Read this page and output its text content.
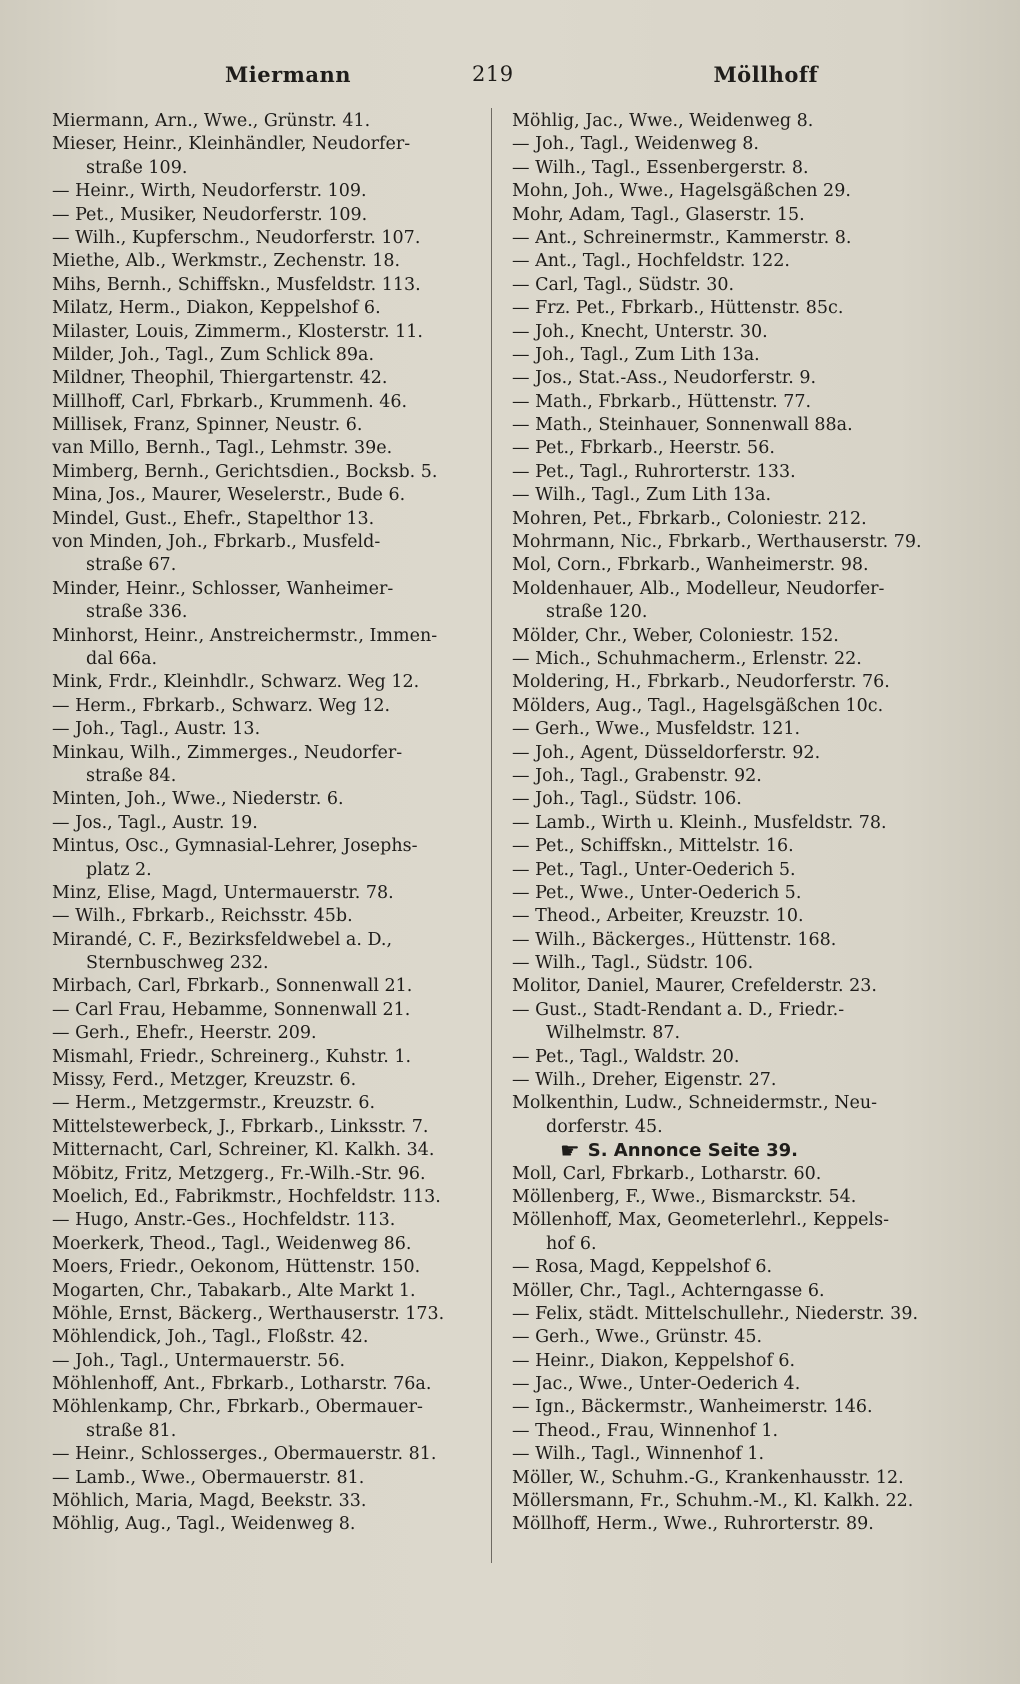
Miermann	219	Möllhoff
Miermann, Arn., Wwe., Grünstr. 41.
Mieser, Heinr., Kleinhändler, Neudorfer-
straße 109.
— Heinr., Wirth, Neudorferstr. 109.
— Pet., Musiker, Neudorferstr. 109.
— Wilh., Kupferschm., Neudorferstr. 107.
Miethe, Alb., Werkmstr., Zechenstr. 18.
Mihs, Bernh., Schiffskn., Musfeldstr. 113.
Milatz, Herm., Diakon, Keppelshof 6.
Milaster, Louis, Zimmerm., Klosterstr. 11.
Milder, Joh., Tagl., Zum Schlick 89a.
Mildner, Theophil, Thiergartenstr. 42.
Millhoff, Carl, Fbrkarb., Krummenh. 46.
Millisek, Franz, Spinner, Neustr. 6.
van Millo, Bernh., Tagl., Lehmstr. 39e.
Mimberg, Bernh., Gerichtsdien., Bocksb. 5.
Mina, Jos., Maurer, Weselerstr., Bude 6.
Mindel, Gust., Ehefr., Stapelthor 13.
von Minden, Joh., Fbrkarb., Musfeld-
straße 67.
Minder, Heinr., Schlosser, Wanheimer-
straße 336.
Minhorst, Heinr., Anstreichermstr., Immen-
dal 66a.
Mink, Frdr., Kleinhdlr., Schwarz. Weg 12.
— Herm., Fbrkarb., Schwarz. Weg 12.
— Joh., Tagl., Austr. 13.
Minkau, Wilh., Zimmerges., Neudorfer-
straße 84.
Minten, Joh., Wwe., Niederstr. 6.
— Jos., Tagl., Austr. 19.
Mintus, Osc., Gymnasial-Lehrer, Josephs-
platz 2.
Minz, Elise, Magd, Untermauerstr. 78.
— Wilh., Fbrkarb., Reichsstr. 45b.
Mirandé, C. F., Bezirksfeldwebel a. D.,
Sternbuschweg 232.
Mirbach, Carl, Fbrkarb., Sonnenwall 21.
— Carl Frau, Hebamme, Sonnenwall 21.
— Gerh., Ehefr., Heerstr. 209.
Mismahl, Friedr., Schreinerg., Kuhstr. 1.
Missy, Ferd., Metzger, Kreuzstr. 6.
— Herm., Metzgermstr., Kreuzstr. 6.
Mittelstewerbeck, J., Fbrkarb., Linksstr. 7.
Mitternacht, Carl, Schreiner, Kl. Kalkh. 34.
Möbitz, Fritz, Metzgerg., Fr.-Wilh.-Str. 96.
Moelich, Ed., Fabrikmstr., Hochfeldstr. 113.
— Hugo, Anstr.-Ges., Hochfeldstr. 113.
Moerkerk, Theod., Tagl., Weidenweg 86.
Moers, Friedr., Oekonom, Hüttenstr. 150.
Mogarten, Chr., Tabakarb., Alte Markt 1.
Möhle, Ernst, Bäckerg., Werthauserstr. 173.
Möhlendick, Joh., Tagl., Floßstr. 42.
— Joh., Tagl., Untermauerstr. 56.
Möhlenhoff, Ant., Fbrkarb., Lotharstr. 76a.
Möhlenkamp, Chr., Fbrkarb., Obermauer-
straße 81.
— Heinr., Schlosserges., Obermauerstr. 81.
— Lamb., Wwe., Obermauerstr. 81.
Möhlich, Maria, Magd, Beekstr. 33.
Möhlig, Aug., Tagl., Weidenweg 8.
Möhlig, Jac., Wwe., Weidenweg 8.
— Joh., Tagl., Weidenweg 8.
— Wilh., Tagl., Essenbergerstr. 8.
Mohn, Joh., Wwe., Hagelsgäßchen 29.
Mohr, Adam, Tagl., Glaserstr. 15.
— Ant., Schreinermstr., Kammerstr. 8.
— Ant., Tagl., Hochfeldstr. 122.
— Carl, Tagl., Südstr. 30.
— Frz. Pet., Fbrkarb., Hüttenstr. 85c.
— Joh., Knecht, Unterstr. 30.
— Joh., Tagl., Zum Lith 13a.
— Jos., Stat.-Ass., Neudorferstr. 9.
— Math., Fbrkarb., Hüttenstr. 77.
— Math., Steinhauer, Sonnenwall 88a.
— Pet., Fbrkarb., Heerstr. 56.
— Pet., Tagl., Ruhrorterstr. 133.
— Wilh., Tagl., Zum Lith 13a.
Mohren, Pet., Fbrkarb., Coloniestr. 212.
Mohrmann, Nic., Fbrkarb., Werthauserstr. 79.
Mol, Corn., Fbrkarb., Wanheimerstr. 98.
Moldenhauer, Alb., Modelleur, Neudorfer-
straße 120.
Mölder, Chr., Weber, Coloniestr. 152.
— Mich., Schuhmacherm., Erlenstr. 22.
Moldering, H., Fbrkarb., Neudorferstr. 76.
Mölders, Aug., Tagl., Hagelsgäßchen 10c.
— Gerh., Wwe., Musfeldstr. 121.
— Joh., Agent, Düsseldorferstr. 92.
— Joh., Tagl., Grabenstr. 92.
— Joh., Tagl., Südstr. 106.
— Lamb., Wirth u. Kleinh., Musfeldstr. 78.
— Pet., Schiffskn., Mittelstr. 16.
— Pet., Tagl., Unter-Oederich 5.
— Pet., Wwe., Unter-Oederich 5.
— Theod., Arbeiter, Kreuzstr. 10.
— Wilh., Bäckerges., Hüttenstr. 168.
— Wilh., Tagl., Südstr. 106.
Molitor, Daniel, Maurer, Crefelderstr. 23.
— Gust., Stadt-Rendant a. D., Friedr.-
Wilhelmstr. 87.
— Pet., Tagl., Waldstr. 20.
— Wilh., Dreher, Eigenstr. 27.
Molkenthin, Ludw., Schneidermstr., Neu-
dorferstr. 45.
☛ S. Annonce Seite 39.
Moll, Carl, Fbrkarb., Lotharstr. 60.
Möllenberg, F., Wwe., Bismarckstr. 54.
Möllenhoff, Max, Geometerlehrl., Keppels-
hof 6.
— Rosa, Magd, Keppelshof 6.
Möller, Chr., Tagl., Achterngasse 6.
— Felix, städt. Mittelschullehr., Niederstr. 39.
— Gerh., Wwe., Grünstr. 45.
— Heinr., Diakon, Keppelshof 6.
— Jac., Wwe., Unter-Oederich 4.
— Ign., Bäckermstr., Wanheimerstr. 146.
— Theod., Frau, Winnenhof 1.
— Wilh., Tagl., Winnenhof 1.
Möller, W., Schuhm.-G., Krankenhausstr. 12.
Möllersmann, Fr., Schuhm.-M., Kl. Kalkh. 22.
Möllhoff, Herm., Wwe., Ruhrorterstr. 89.
